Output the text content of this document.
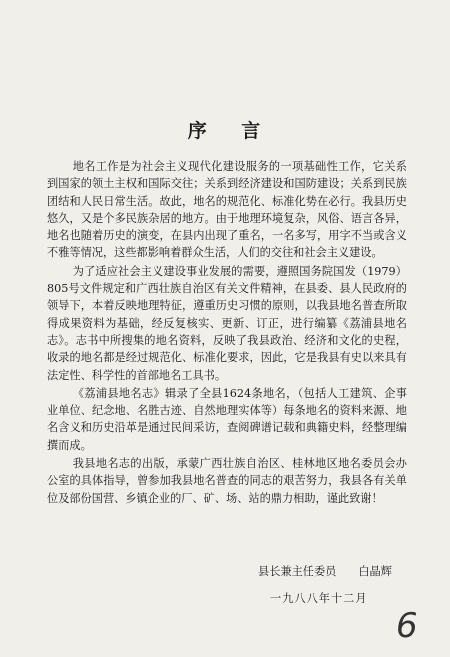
序 言

地名工作是为社会主义现代化建设服务的一项基础性工作，它关系到国家的领土主权和国际交往；关系到经济建设和国防建设；关系到民族团结和人民日常生活。故此，地名的规范化、标准化势在必行。我县历史悠久，又是个多民族杂居的地方。由于地理环境复杂，风俗、语言各异，地名也随着历史的演变，在县内出现了重名，一名多写，用字不当或含义不雅等情况，这些都影响着群众生活，人们的交往和社会主义建设。

为了适应社会主义建设事业发展的需要，遵照国务院国发（1979）805号文件规定和广西壮族自治区有关文件精神，在县委、县人民政府的领导下，本着反映地理特征，遵重历史习惯的原则，以我县地名普查所取得成果资料为基础，经反复核实、更新、订正，进行编纂《荔浦县地名志》。志书中所搜集的地名资料，反映了我县政治、经济和文化的史程，收录的地名都是经过规范化、标准化要求，因此，它是我县有史以来具有法定性、科学性的首部地名工具书。

《荔浦县地名志》辑录了全县1624条地名，（包括人工建筑、企事业单位、纪念地、名胜古迹、自然地理实体等）每条地名的资料来源、地名含义和历史沿革是通过民间采访，查阅碑谱记载和典籍史料，经整理编撰而成。

我县地名志的出版，承蒙广西壮族自治区、桂林地区地名委员会办公室的具体指导，曾参加我县地名普查的同志的艰苦努力，我县各有关单位及部份国营、乡镇企业的厂、矿、场、站的鼎力相助，谨此致谢！

县长兼主任委员 白晶辉
一九八八年十二月
6
